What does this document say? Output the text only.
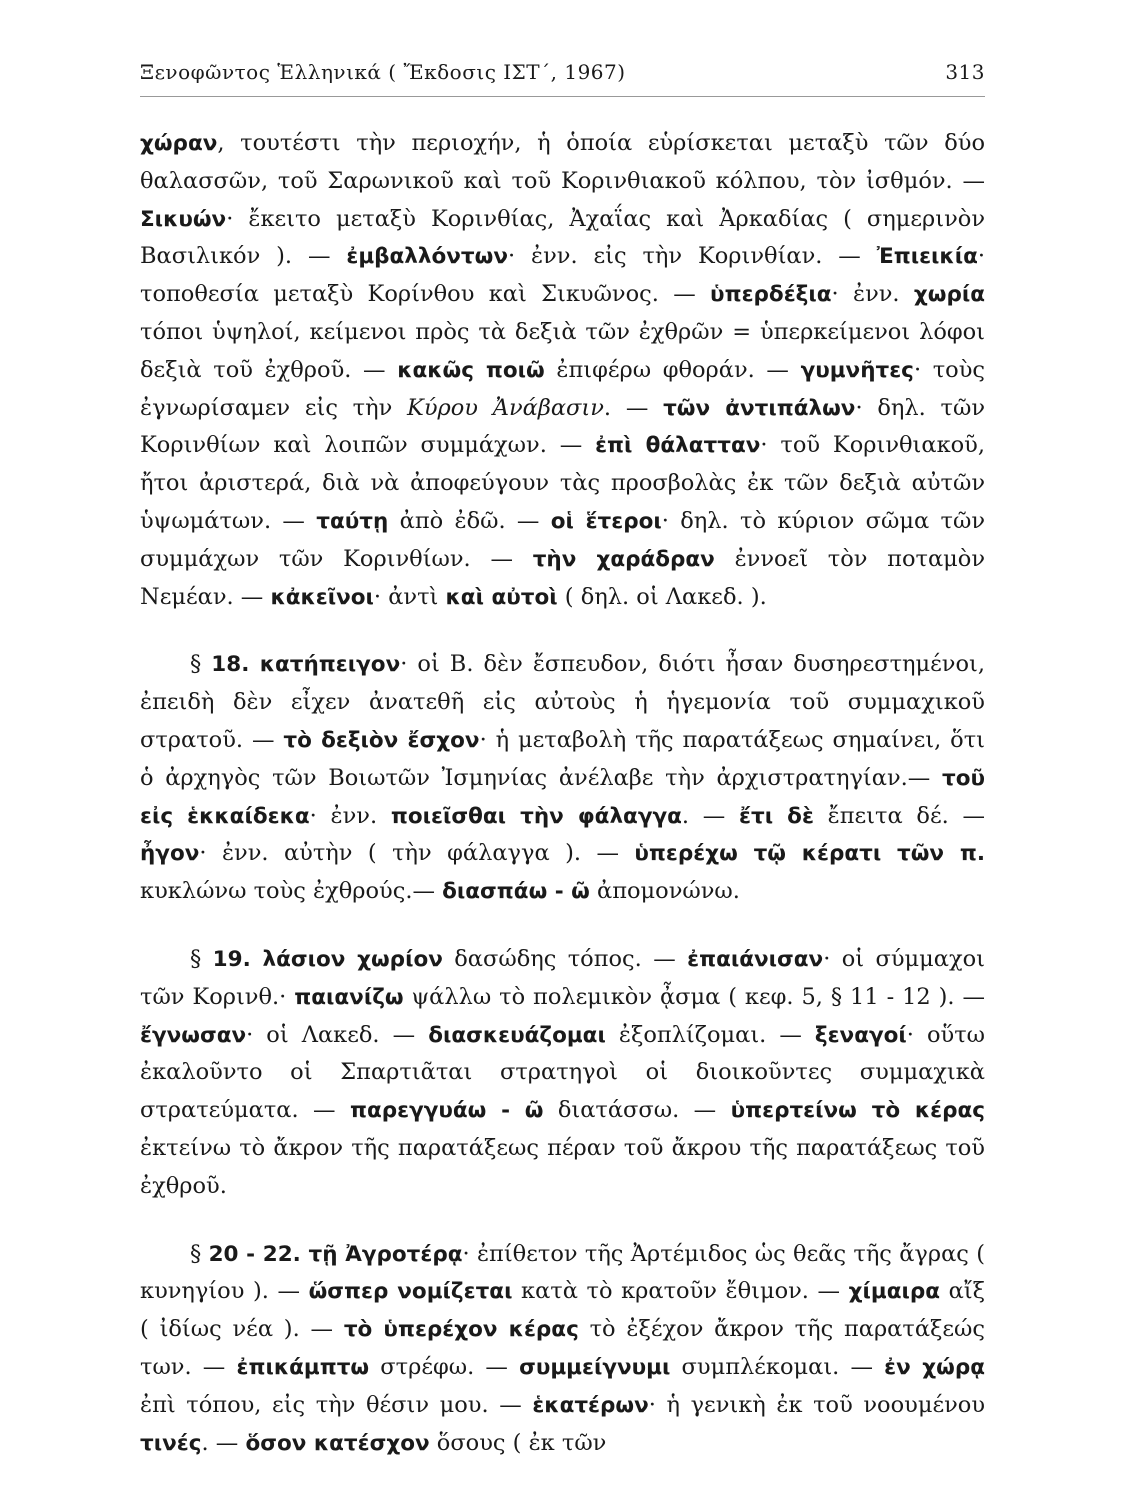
Ξενοφῶντος Ἑλληνικά ( Ἔκδοσις ΙΣΤ΄, 1967)	313

χώραν, τουτέστι τὴν περιοχήν, ἡ ὁποία εὑρίσκεται μεταξὺ τῶν δύο θαλασσῶν, τοῦ Σαρωνικοῦ καὶ τοῦ Κορινθιακοῦ κόλπου, τὸν ἰσθμόν. — Σικυών· ἔκειτο μεταξὺ Κορινθίας, Ἀχαΐας καὶ Ἀρκαδίας ( σημερινὸν Βασιλικόν ). — ἐμβαλλόντων· ἐνν. εἰς τὴν Κορινθίαν. — Ἐπιεικία· τοποθεσία μεταξὺ Κορίνθου καὶ Σικυῶνος. — ὑπερδέξια· ἐνν. χωρία τόποι ὑψηλοί, κείμενοι πρὸς τὰ δεξιὰ τῶν ἐχθρῶν = ὑπερκείμενοι λόφοι δεξιὰ τοῦ ἐχθροῦ. — κακῶς ποιῶ ἐπιφέρω φθοράν. — γυμνῆτες· τοὺς ἐγνωρίσαμεν εἰς τὴν Κύρου Ἀνάβασιν. — τῶν ἀντιπάλων· δηλ. τῶν Κορινθίων καὶ λοιπῶν συμμάχων. — ἐπὶ θάλατταν· τοῦ Κορινθιακοῦ, ἤτοι ἀριστερά, διὰ νὰ ἀποφεύγουν τὰς προσβολὰς ἐκ τῶν δεξιὰ αὐτῶν ὑψωμάτων. — ταύτῃ ἀπὸ ἐδῶ. — οἱ ἕτεροι· δηλ. τὸ κύριον σῶμα τῶν συμμάχων τῶν Κορινθίων. — τὴν χαράδραν ἐννοεῖ τὸν ποταμὸν Νεμέαν. — κἀκεῖνοι· ἀντὶ καὶ αὐτοὶ ( δηλ. οἱ Λακεδ. ).

§ 18. κατήπειγον· οἱ Β. δὲν ἔσπευδον, διότι ἦσαν δυσηρεστημένοι, ἐπειδὴ δὲν εἶχεν ἀνατεθῆ εἰς αὐτοὺς ἡ ἡγεμονία τοῦ συμμαχικοῦ στρατοῦ. — τὸ δεξιὸν ἔσχον· ἡ μεταβολὴ τῆς παρατάξεως σημαίνει, ὅτι ὁ ἀρχηγὸς τῶν Βοιωτῶν Ἰσμηνίας ἀνέλαβε τὴν ἀρχιστρατηγίαν.— τοῦ εἰς ἑκκαίδεκα· ἐνν. ποιεῖσθαι τὴν φάλαγγα. — ἔτι δὲ ἔπειτα δέ. — ἦγον· ἐνν. αὐτὴν ( τὴν φάλαγγα ). — ὑπερέχω τῷ κέρατι τῶν π. κυκλώνω τοὺς ἐχθρούς.— διασπάω - ῶ ἀπομονώνω.

§ 19. λάσιον χωρίον δασώδης τόπος. — ἐπαιάνισαν· οἱ σύμμαχοι τῶν Κορινθ.· παιανίζω ψάλλω τὸ πολεμικὸν ᾆσμα ( κεφ. 5, § 11 - 12 ). — ἔγνωσαν· οἱ Λακεδ. — διασκευάζομαι ἐξοπλίζομαι. — ξεναγοί· οὕτω ἐκαλοῦντο οἱ Σπαρτιᾶται στρατηγοὶ οἱ διοικοῦντες συμμαχικὰ στρατεύματα. — παρεγγυάω - ῶ διατάσσω. — ὑπερτείνω τὸ κέρας ἐκτείνω τὸ ἄκρον τῆς παρατάξεως πέραν τοῦ ἄκρου τῆς παρατάξεως τοῦ ἐχθροῦ.

§ 20 - 22. τῇ Ἀγροτέρᾳ· ἐπίθετον τῆς Ἀρτέμιδος ὡς θεᾶς τῆς ἄγρας ( κυνηγίου ). — ὥσπερ νομίζεται κατὰ τὸ κρατοῦν ἔθιμον. — χίμαιρα αἴξ ( ἰδίως νέα ). — τὸ ὑπερέχον κέρας τὸ ἐξέχον ἄκρον τῆς παρατάξεώς των. — ἐπικάμπτω στρέφω. — συμμείγνυμι συμπλέκομαι. — ἐν χώρᾳ ἐπὶ τόπου, εἰς τὴν θέσιν μου. — ἑκατέρων· ἡ γενικὴ ἐκ τοῦ νοουμένου τινές. — ὅσον κατέσχον ὅσους ( ἐκ τῶν
